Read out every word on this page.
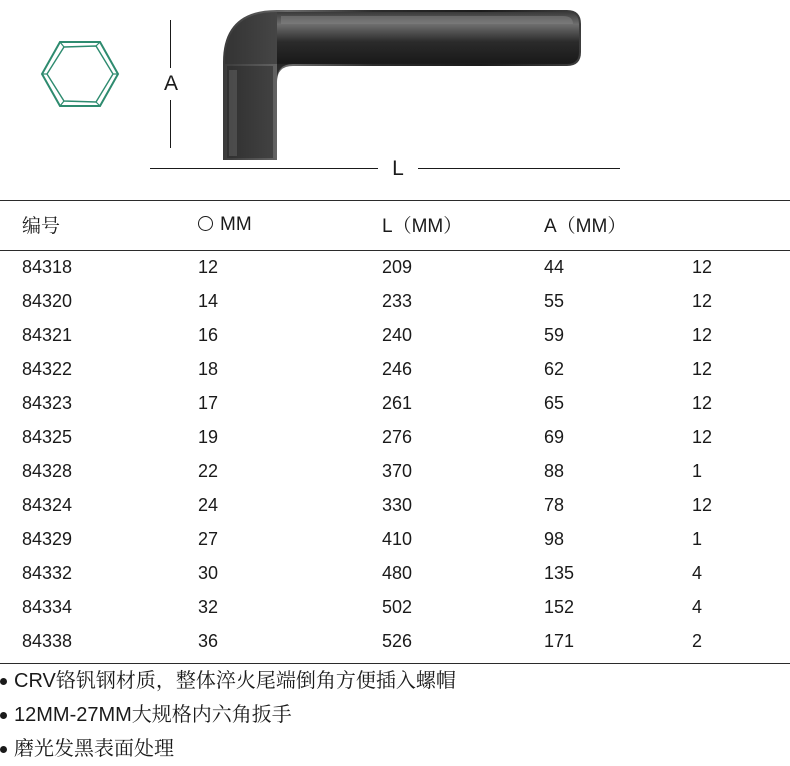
A
L
编号	MM	L（MM）	A（MM）	
84318	12	209	44	12
84320	14	233	55	12
84321	16	240	59	12
84322	18	246	62	12
84323	17	261	65	12
84325	19	276	69	12
84328	22	370	88	1
84324	24	330	78	12
84329	27	410	98	1
84332	30	480	135	4
84334	32	502	152	4
84338	36	526	171	2
CRV铬钒钢材质，整体淬火尾端倒角方便插入螺帽
12MM-27MM大规格内六角扳手
磨光发黑表面处理
